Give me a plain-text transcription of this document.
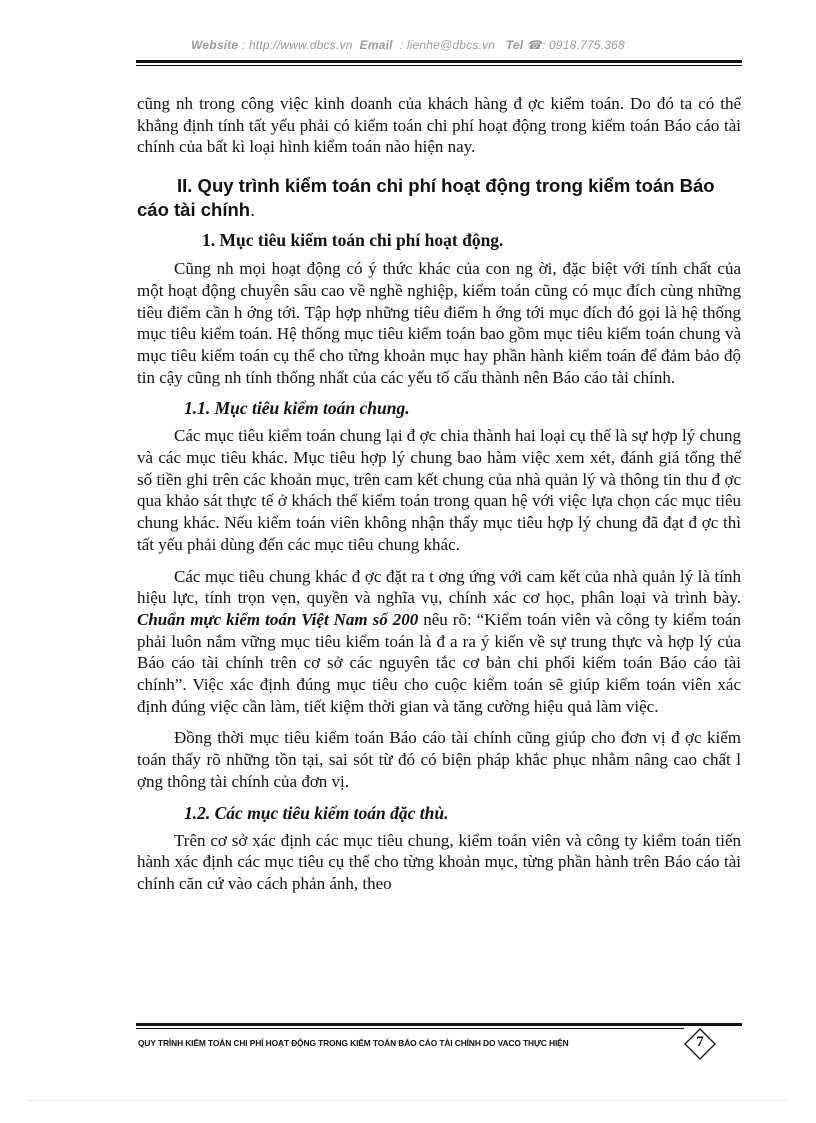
Website : http://www.dbcs.vn Email : lienhe@dbcs.vn Tel ☎: 0918.775.368

cũng nh trong công việc kinh doanh của khách hàng đ ợc kiểm toán. Do đó ta có thể khẳng định tính tất yếu phải có kiểm toán chi phí hoạt động trong kiểm toán Báo cáo tài chính của bất kì loại hình kiểm toán nào hiện nay.

II. Quy trình kiểm toán chi phí hoạt động trong kiểm toán Báo cáo tài chính.
1. Mục tiêu kiểm toán chi phí hoạt động.

Cũng nh mọi hoạt động có ý thức khác của con ng ời, đặc biệt với tính chất của một hoạt động chuyên sâu cao về nghề nghiệp, kiểm toán cũng có mục đích cùng những tiêu điểm cần h ớng tới. Tập hợp những tiêu điểm h ớng tới mục đích đó gọi là hệ thống mục tiêu kiểm toán. Hệ thống mục tiêu kiểm toán bao gồm mục tiêu kiểm toán chung và mục tiêu kiểm toán cụ thể cho từng khoản mục hay phần hành kiểm toán để đảm bảo độ tin cậy cũng nh tính thống nhất của các yếu tố cấu thành nên Báo cáo tài chính.

1.1. Mục tiêu kiểm toán chung.

Các mục tiêu kiểm toán chung lại đ ợc chia thành hai loại cụ thể là sự hợp lý chung và các mục tiêu khác. Mục tiêu hợp lý chung bao hàm việc xem xét, đánh giá tổng thể số tiền ghi trên các khoản mục, trên cam kết chung của nhà quản lý và thông tin thu đ ợc qua khảo sát thực tế ở khách thể kiểm toán trong quan hệ với việc lựa chọn các mục tiêu chung khác. Nếu kiểm toán viên không nhận thấy mục tiêu hợp lý chung đã đạt đ ợc thì tất yếu phải dùng đến các mục tiêu chung khác.

Các mục tiêu chung khác đ ợc đặt ra t ơng ứng với cam kết của nhà quản lý là tính hiệu lực, tính trọn vẹn, quyền và nghĩa vụ, chính xác cơ học, phân loại và trình bày. Chuẩn mực kiểm toán Việt Nam số 200 nêu rõ: “Kiểm toán viên và công ty kiểm toán phải luôn nắm vững mục tiêu kiểm toán là đ a ra ý kiến về sự trung thực và hợp lý của Báo cáo tài chính trên cơ sở các nguyên tắc cơ bản chi phối kiểm toán Báo cáo tài chính”. Việc xác định đúng mục tiêu cho cuộc kiểm toán sẽ giúp kiểm toán viên xác định đúng việc cần làm, tiết kiệm thời gian và tăng cường hiệu quả làm việc.

Đồng thời mục tiêu kiểm toán Báo cáo tài chính cũng giúp cho đơn vị đ ợc kiểm toán thấy rõ những tồn tại, sai sót từ đó có biện pháp khắc phục nhằm nâng cao chất l ợng thông tài chính của đơn vị.

1.2. Các mục tiêu kiểm toán đặc thù.

Trên cơ sở xác định các mục tiêu chung, kiểm toán viên và công ty kiểm toán tiến hành xác định các mục tiêu cụ thể cho từng khoản mục, từng phần hành trên Báo cáo tài chính căn cứ vào cách phản ánh, theo

QUY TRÌNH KIỂM TOÁN CHI PHÍ HOẠT ĐỘNG TRONG KIỂM TOÁN BÁO CÁO TÀI CHÍNH DO VACO THỰC HIỆN	7
